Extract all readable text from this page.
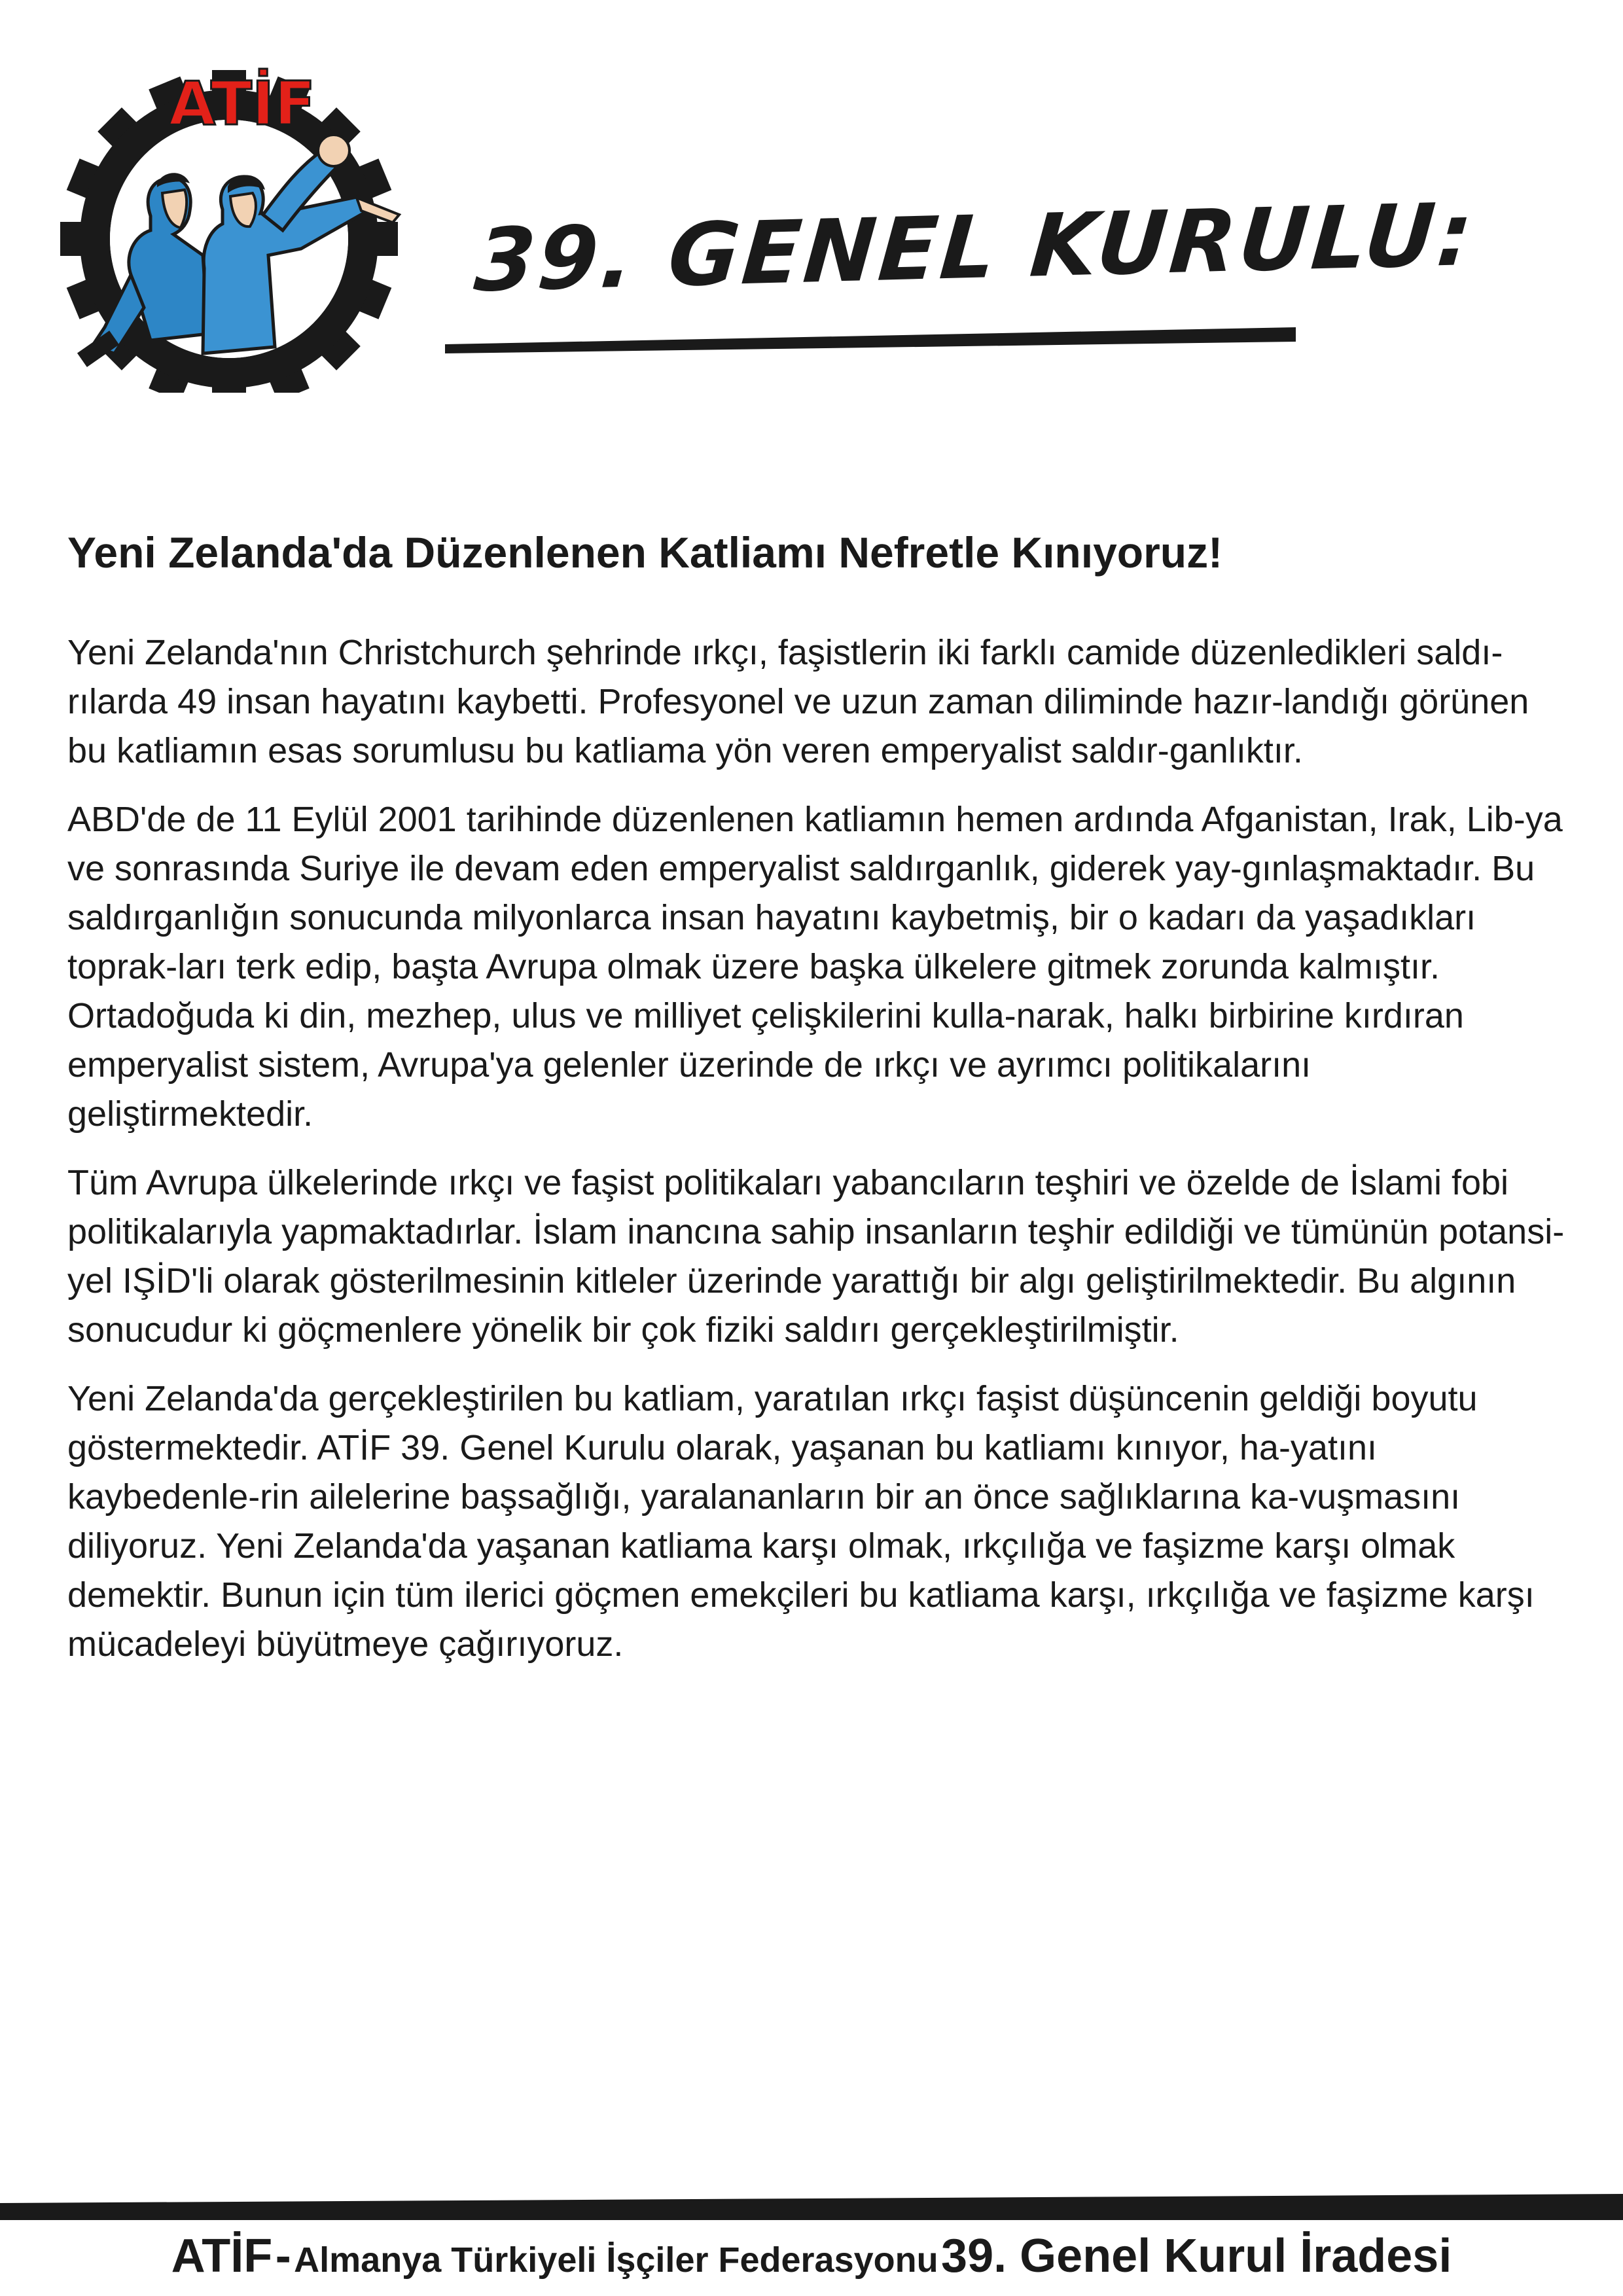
ATİF
39. GENEL KURULU:
Yeni Zelanda'da Düzenlenen Katliamı Nefretle Kınıyoruz!

Yeni Zelanda'nın Christchurch şehrinde ırkçı, faşistlerin iki farklı camide düzenledikleri saldı-rılarda 49 insan hayatını kaybetti. Profesyonel ve uzun zaman diliminde hazır-landığı görünen bu katliamın esas sorumlusu bu katliama yön veren emperyalist saldır-ganlıktır.

ABD'de de 11 Eylül 2001 tarihinde düzenlenen katliamın hemen ardında Afganistan, Irak, Lib-ya ve sonrasında Suriye ile devam eden emperyalist saldırganlık, giderek yay-gınlaşmaktadır. Bu saldırganlığın sonucunda milyonlarca insan hayatını kaybetmiş, bir o kadarı da yaşadıkları toprak-ları terk edip, başta Avrupa olmak üzere başka ülkelere gitmek zorunda kalmıştır. Ortadoğuda ki din, mezhep, ulus ve milliyet çelişkilerini kulla-narak, halkı birbirine kırdıran emperyalist sistem, Avrupa'ya gelenler üzerinde de ırkçı ve ayrımcı politikalarını geliştirmektedir.

Tüm Avrupa ülkelerinde ırkçı ve faşist politikaları yabancıların teşhiri ve özelde de İslami fobi politikalarıyla yapmaktadırlar. İslam inancına sahip insanların teşhir edildiği ve tümünün potansi-yel IŞİD'li olarak gösterilmesinin kitleler üzerinde yarattığı bir algı geliştirilmektedir. Bu algının sonucudur ki göçmenlere yönelik bir çok fiziki saldırı gerçekleştirilmiştir.

Yeni Zelanda'da gerçekleştirilen bu katliam, yaratılan ırkçı faşist düşüncenin geldiği boyutu göstermektedir. ATİF 39. Genel Kurulu olarak, yaşanan bu katliamı kınıyor, ha-yatını kaybedenle-rin ailelerine başsağlığı, yaralananların bir an önce sağlıklarına ka-vuşmasını diliyoruz. Yeni Zelanda'da yaşanan katliama karşı olmak, ırkçılığa ve faşizme karşı olmak demektir. Bunun için tüm ilerici göçmen emekçileri bu katliama karşı, ırkçılığa ve faşizme karşı mücadeleyi büyütmeye çağırıyoruz.

ATİF - Almanya Türkiyeli İşçiler Federasyonu 39. Genel Kurul İradesi
